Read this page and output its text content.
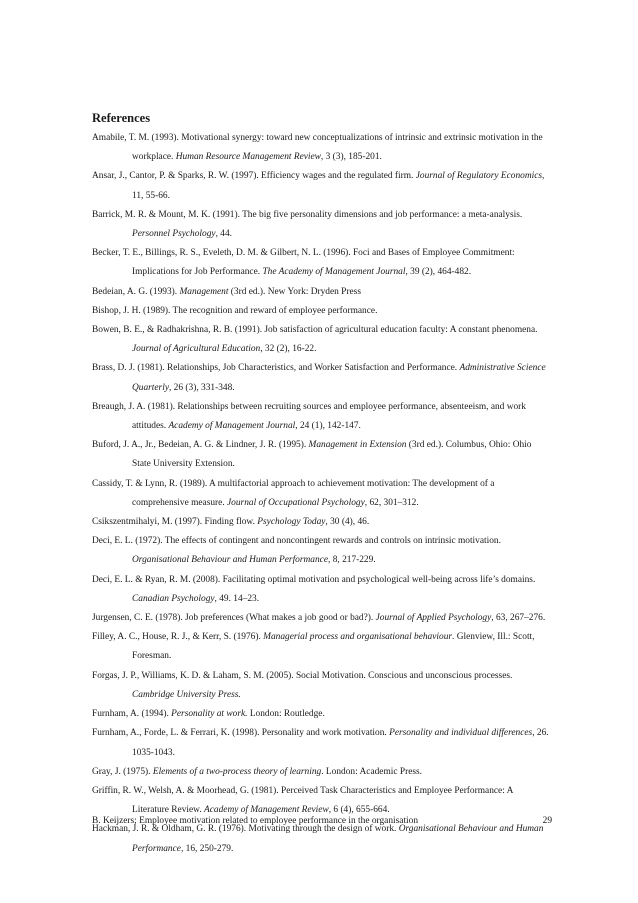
References

Amabile, T. M. (1993). Motivational synergy: toward new conceptualizations of intrinsic and extrinsic motivation in the workplace. Human Resource Management Review, 3 (3), 185-201.

Ansar, J., Cantor, P. & Sparks, R. W. (1997). Efficiency wages and the regulated firm. Journal of Regulatory Economics, 11, 55-66.

Barrick, M. R. & Mount, M. K. (1991). The big five personality dimensions and job performance: a meta-analysis. Personnel Psychology, 44.

Becker, T. E., Billings, R. S., Eveleth, D. M. & Gilbert, N. L. (1996). Foci and Bases of Employee Commitment: Implications for Job Performance. The Academy of Management Journal, 39 (2), 464-482.

Bedeian, A. G. (1993). Management (3rd ed.). New York: Dryden Press

Bishop, J. H. (1989). The recognition and reward of employee performance.

Bowen, B. E., & Radhakrishna, R. B. (1991). Job satisfaction of agricultural education faculty: A constant phenomena. Journal of Agricultural Education, 32 (2), 16-22.

Brass, D. J. (1981). Relationships, Job Characteristics, and Worker Satisfaction and Performance. Administrative Science Quarterly, 26 (3), 331-348.

Breaugh, J. A. (1981). Relationships between recruiting sources and employee performance, absenteeism, and work attitudes. Academy of Management Journal, 24 (1), 142-147.

Buford, J. A., Jr., Bedeian, A. G. & Lindner, J. R. (1995). Management in Extension (3rd ed.). Columbus, Ohio: Ohio State University Extension.

Cassidy, T. & Lynn, R. (1989). A multifactorial approach to achievement motivation: The development of a comprehensive measure. Journal of Occupational Psychology, 62, 301–312.

Csikszentmihalyi, M. (1997). Finding flow. Psychology Today, 30 (4), 46.

Deci, E. L. (1972). The effects of contingent and noncontingent rewards and controls on intrinsic motivation. Organisational Behaviour and Human Performance, 8, 217-229.

Deci, E. L. & Ryan, R. M. (2008). Facilitating optimal motivation and psychological well-being across life’s domains. Canadian Psychology, 49. 14–23.

Jurgensen, C. E. (1978). Job preferences (What makes a job good or bad?). Journal of Applied Psychology, 63, 267–276.

Filley, A. C., House, R. J., & Kerr, S. (1976). Managerial process and organisational behaviour. Glenview, Ill.: Scott, Foresman.

Forgas, J. P., Williams, K. D. & Laham, S. M. (2005). Social Motivation. Conscious and unconscious processes. Cambridge University Press.

Furnham, A. (1994). Personality at work. London: Routledge.

Furnham, A., Forde, L. & Ferrari, K. (1998). Personality and work motivation. Personality and individual differences, 26. 1035-1043.

Gray, J. (1975). Elements of a two-process theory of learning. London: Academic Press.

Griffin, R. W., Welsh, A. & Moorhead, G. (1981). Perceived Task Characteristics and Employee Performance: A Literature Review. Academy of Management Review, 6 (4), 655-664.

Hackman, J. R. & Oldham, G. R. (1976). Motivating through the design of work. Organisational Behaviour and Human Performance, 16, 250-279.

B. Keijzers; Employee motivation related to employee performance in the organisation	29
